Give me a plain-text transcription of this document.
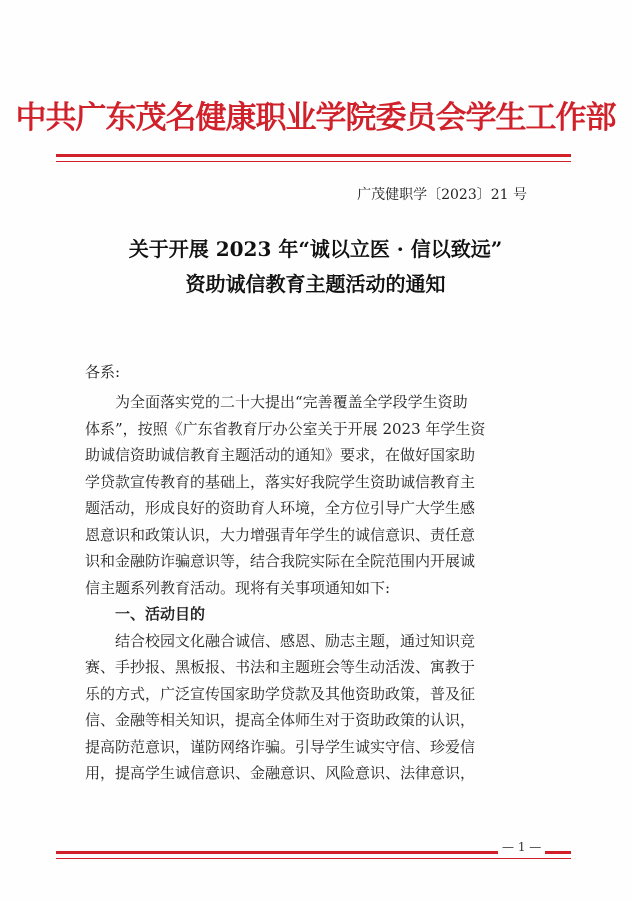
中共广东茂名健康职业学院委员会学生工作部
广茂健职学〔2023〕21 号
关于开展 2023 年“诚以立医 · 信以致远”
资助诚信教育主题活动的通知
各系:
为全面落实党的二十大提出“完善覆盖全学段学生资助
体系”，按照《广东省教育厅办公室关于开展 2023 年学生资
助诚信资助诚信教育主题活动的通知》要求，在做好国家助
学贷款宣传教育的基础上，落实好我院学生资助诚信教育主
题活动，形成良好的资助育人环境，全方位引导广大学生感
恩意识和政策认识，大力增强青年学生的诚信意识、责任意
识和金融防诈骗意识等，结合我院实际在全院范围内开展诚
信主题系列教育活动。现将有关事项通知如下:
一、活动目的
结合校园文化融合诚信、感恩、励志主题，通过知识竞
赛、手抄报、黑板报、书法和主题班会等生动活泼、寓教于
乐的方式，广泛宣传国家助学贷款及其他资助政策，普及征
信、金融等相关知识，提高全体师生对于资助政策的认识，
提高防范意识，谨防网络诈骗。引导学生诚实守信、珍爱信
用，提高学生诚信意识、金融意识、风险意识、法律意识，
— 1 —
